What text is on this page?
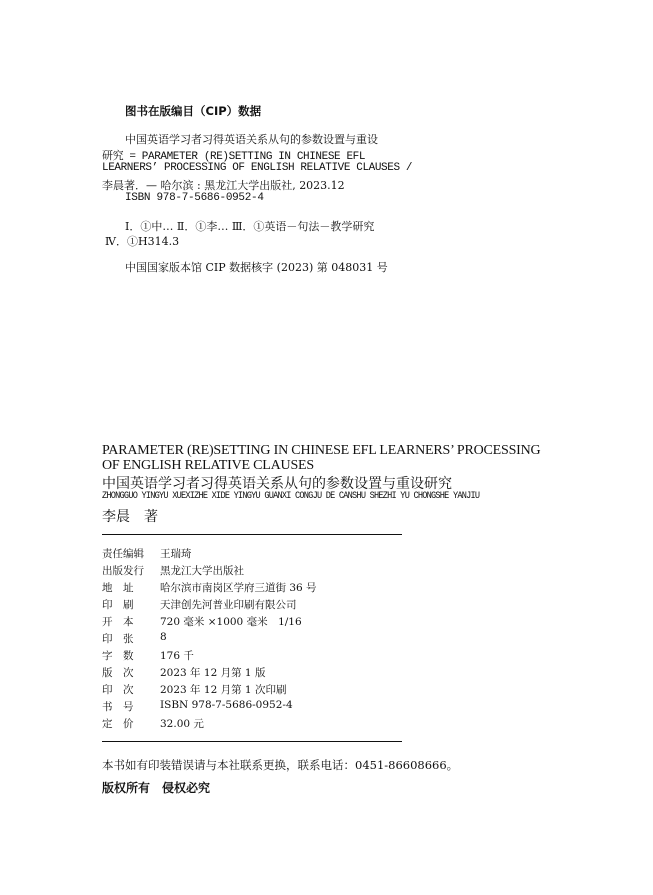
图书在版编目（CIP）数据
中国英语学习者习得英语关系从句的参数设置与重设
研究 = PARAMETER (RE)SETTING IN CHINESE EFL
LEARNERS’ PROCESSING OF ENGLISH RELATIVE CLAUSES /
李晨著．— 哈尔滨 : 黑龙江大学出版社, 2023.12
ISBN 978-7-5686-0952-4
Ⅰ．①中… Ⅱ．①李… Ⅲ．①英语－句法－教学研究
Ⅳ．①H314.3
中国国家版本馆 CIP 数据核字 (2023) 第 048031 号
PARAMETER (RE)SETTING IN CHINESE EFL LEARNERS’ PROCESSING
OF ENGLISH RELATIVE CLAUSES
中国英语学习者习得英语关系从句的参数设置与重设研究
ZHONGGUO YINGYU XUEXIZHE XIDE YINGYU GUANXI CONGJU DE CANSHU SHEZHI YU CHONGSHE YANJIU
李晨　著
责任编辑	王瑞琦
出版发行	黑龙江大学出版社
地　址	哈尔滨市南岗区学府三道街 36 号
印　刷	天津创先河普业印刷有限公司
开　本	720 毫米 ×1000 毫米　1/16
印　张	8
字　数	176 千
版　次	2023 年 12 月第 1 版
印　次	2023 年 12 月第 1 次印刷
书　号	ISBN 978-7-5686-0952-4
定　价	32.00 元
本书如有印装错误请与本社联系更换，联系电话：0451-86608666。
版权所有　侵权必究
